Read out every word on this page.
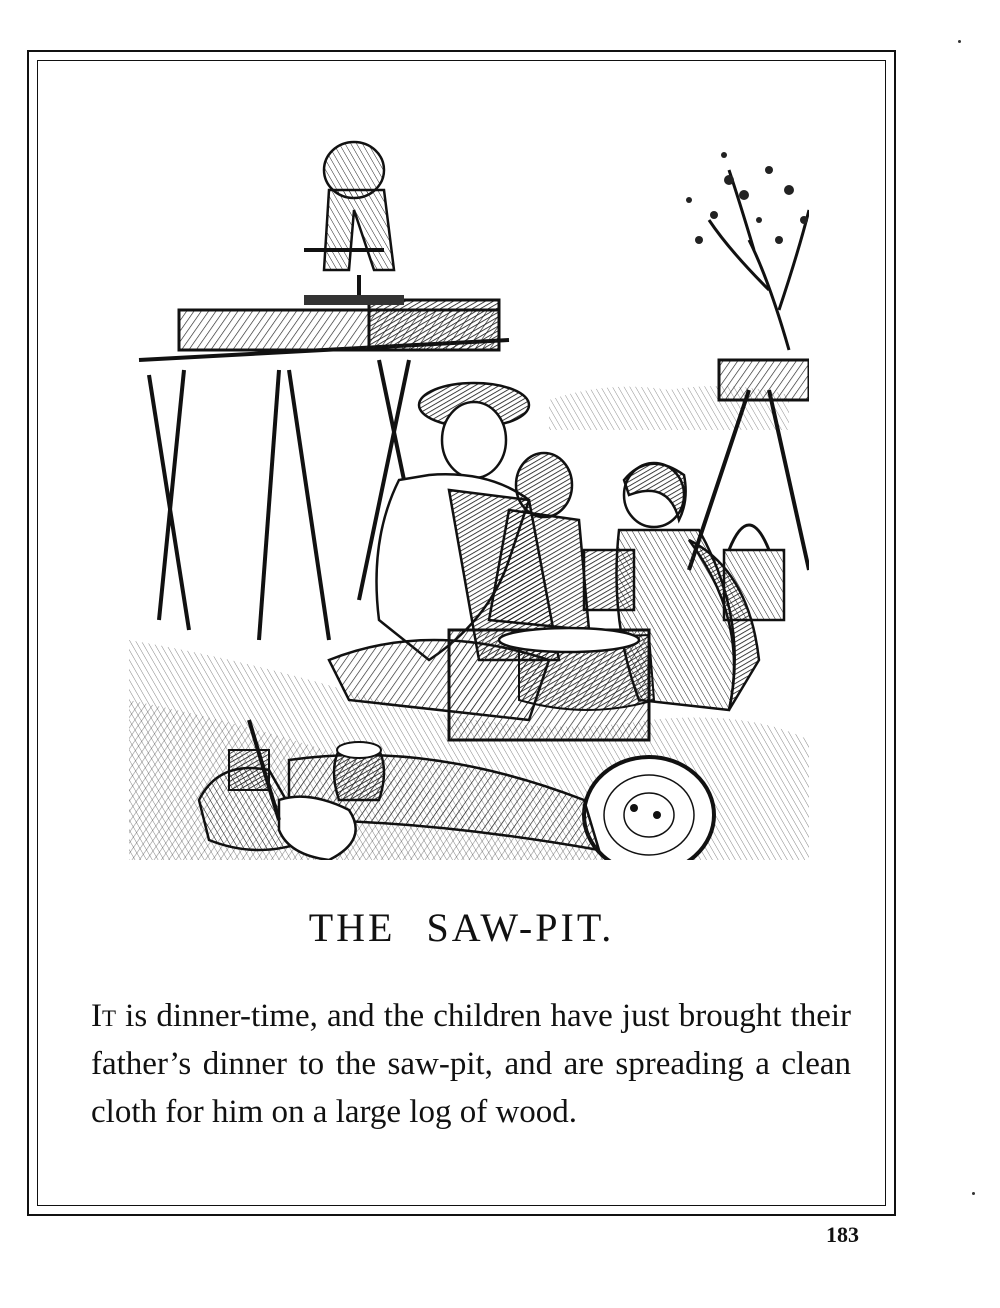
THE SAW-PIT.

It is dinner-time, and the children have just brought their father’s dinner to the saw-pit, and are spreading a clean cloth for him on a large log of wood.

183
